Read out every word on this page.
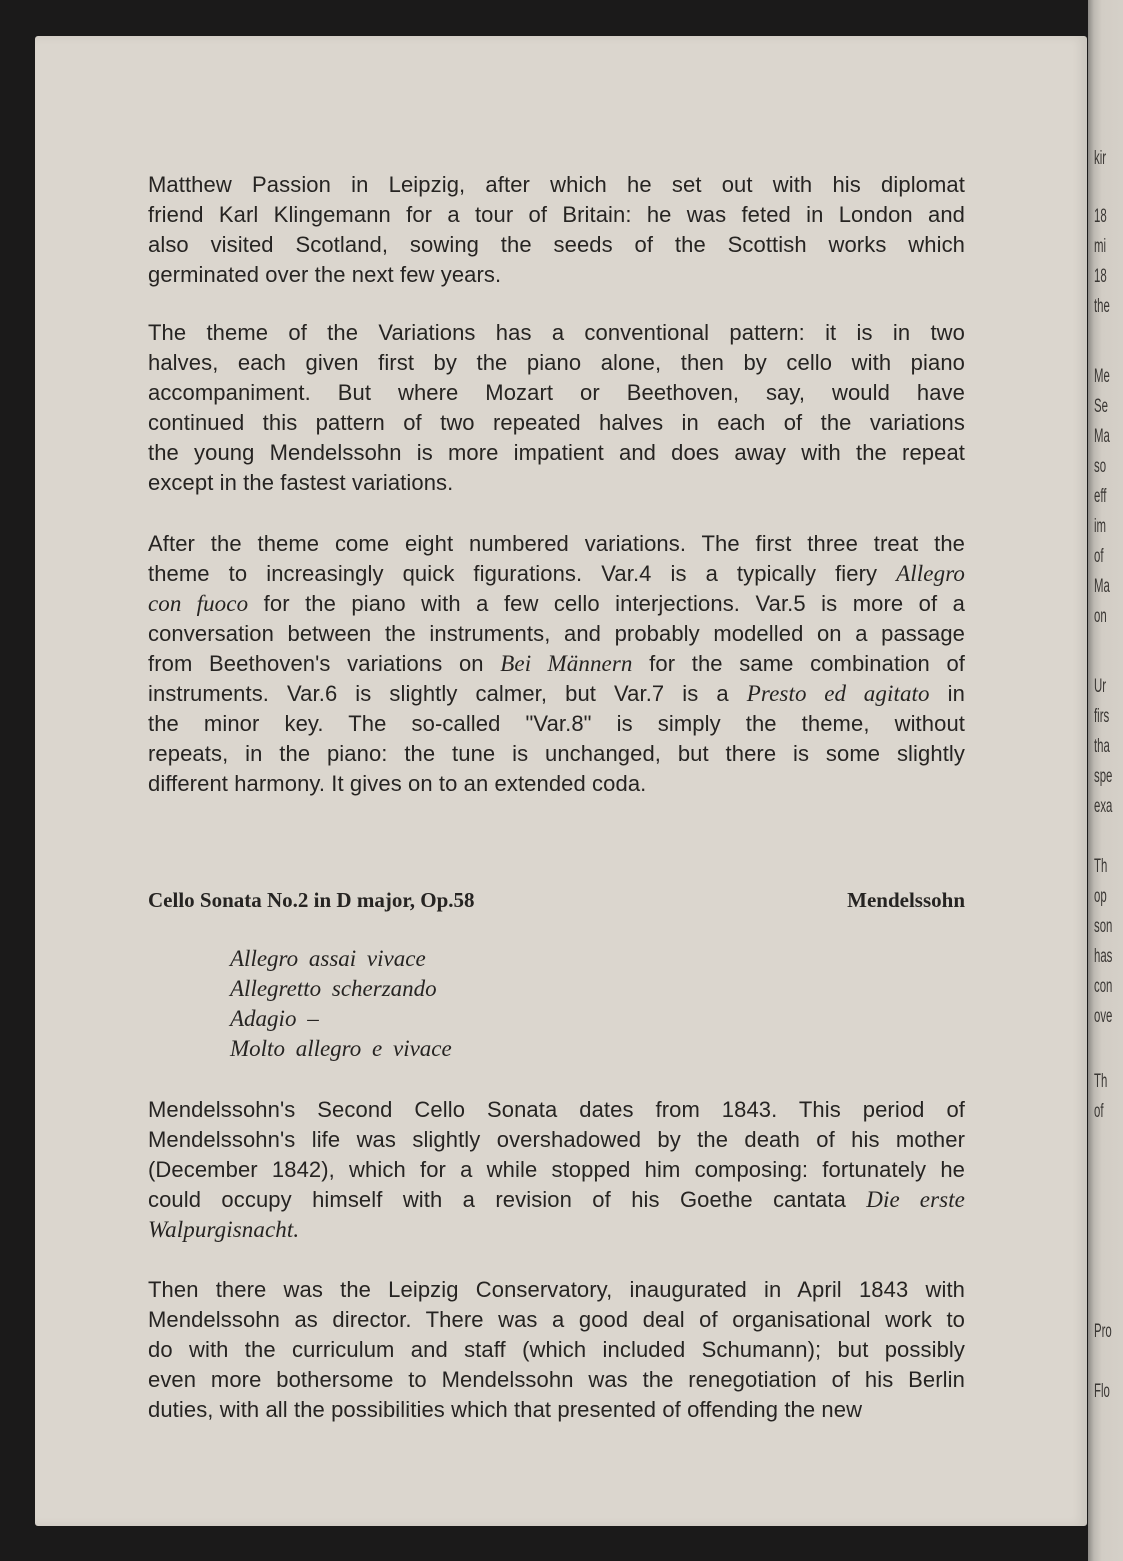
Matthew Passion in Leipzig, after which he set out with his diplomat
friend Karl Klingemann for a tour of Britain: he was feted in London and
also visited Scotland, sowing the seeds of the Scottish works which
germinated over the next few years.
The theme of the Variations has a conventional pattern: it is in two
halves, each given first by the piano alone, then by cello with piano
accompaniment. But where Mozart or Beethoven, say, would have
continued this pattern of two repeated halves in each of the variations
the young Mendelssohn is more impatient and does away with the repeat
except in the fastest variations.
After the theme come eight numbered variations. The first three treat the
theme to increasingly quick figurations. Var.4 is a typically fiery Allegro
con fuoco for the piano with a few cello interjections. Var.5 is more of a
conversation between the instruments, and probably modelled on a passage
from Beethoven's variations on Bei Männern for the same combination of
instruments. Var.6 is slightly calmer, but Var.7 is a Presto ed agitato in
the minor key. The so-called "Var.8" is simply the theme, without
repeats, in the piano: the tune is unchanged, but there is some slightly
different harmony. It gives on to an extended coda.
Mendelssohn's Second Cello Sonata dates from 1843. This period of
Mendelssohn's life was slightly overshadowed by the death of his mother
(December 1842), which for a while stopped him composing: fortunately he
could occupy himself with a revision of his Goethe cantata Die erste
Walpurgisnacht.
Then there was the Leipzig Conservatory, inaugurated in April 1843 with
Mendelssohn as director. There was a good deal of organisational work to
do with the curriculum and staff (which included Schumann); but possibly
even more bothersome to Mendelssohn was the renegotiation of his Berlin
duties, with all the possibilities which that presented of offending the new
Cello Sonata No.2 in D major, Op.58	Mendelssohn
Allegro assai vivace
Allegretto scherzando
Adagio –
Molto allegro e vivace
kir
18
mi
18
the
Me
Se
Ma
so
eff
im
of
Ma
on
Ur
firs
tha
spe
exa
Th
op
son
has
con
ove
Th
of
Pro
Flo
